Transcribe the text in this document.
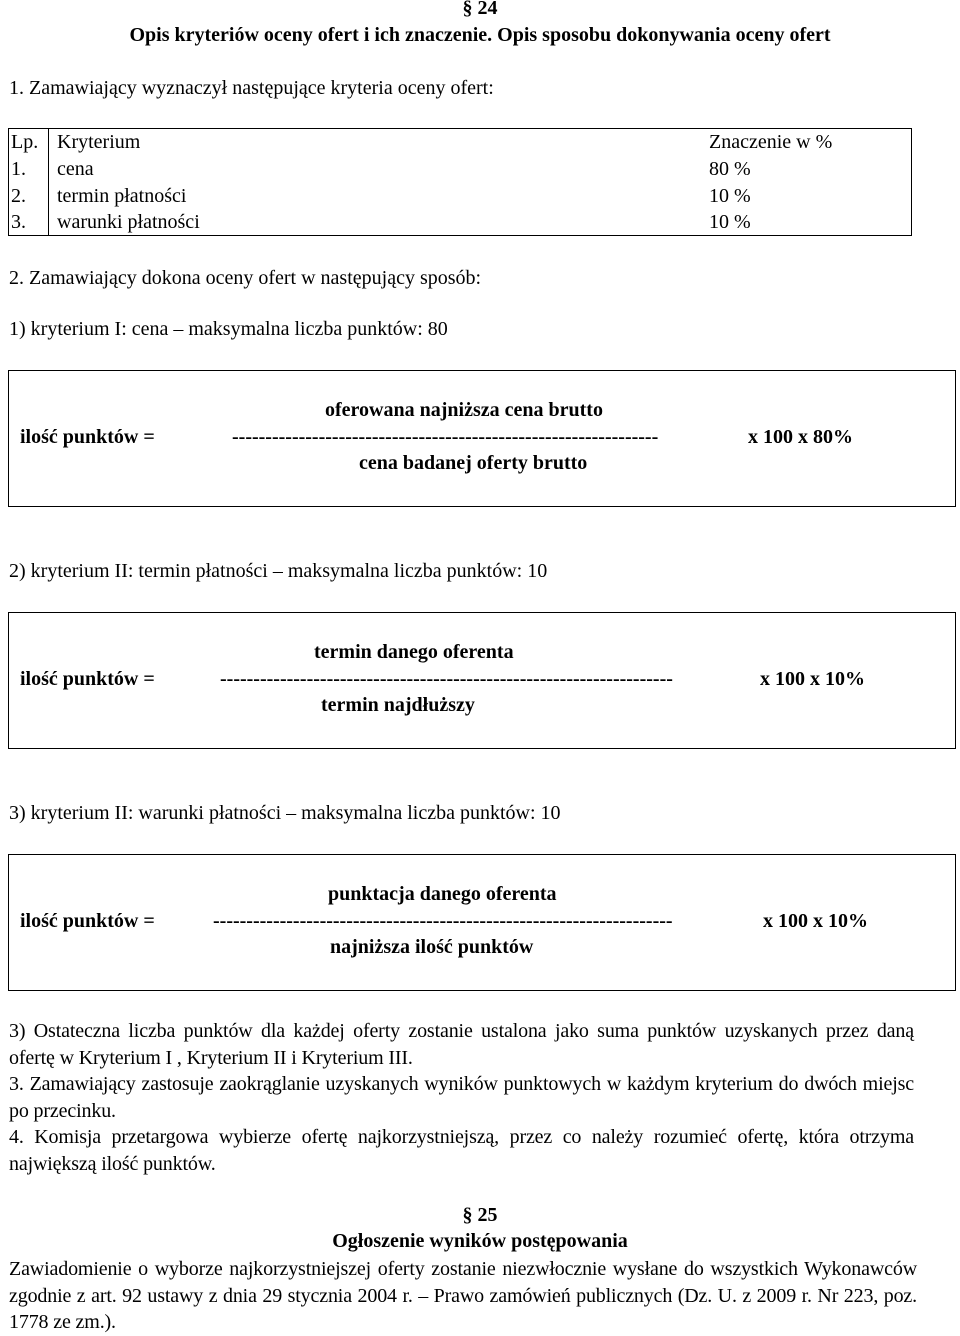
§ 24
Opis kryteriów oceny ofert i ich znaczenie. Opis sposobu dokonywania oceny ofert
1. Zamawiający wyznaczył następujące kryteria oceny ofert:
Lp. Kryterium	Znaczenie w %
1. cena	80 %
2. termin płatności	10 %
3. warunki płatności	10 %
2. Zamawiający dokona oceny ofert w następujący sposób:
1) kryterium I: cena – maksymalna liczba punktów: 80
oferowana najniższa cena brutto
ilość punktów =	----------------------------------------------------------------	x 100 x 80%
cena badanej oferty brutto
2) kryterium II: termin płatności – maksymalna liczba punktów: 10
termin danego oferenta
ilość punktów =	--------------------------------------------------------------------	x 100 x 10%
termin najdłuższy
3) kryterium II: warunki płatności – maksymalna liczba punktów: 10
punktacja danego oferenta
ilość punktów =	---------------------------------------------------------------------	x 100 x 10%
najniższa ilość punktów
3) Ostateczna liczba punktów dla każdej oferty zostanie ustalona jako suma punktów uzyskanych przez daną ofertę w Kryterium I , Kryterium II i Kryterium III.
3. Zamawiający zastosuje zaokrąglanie uzyskanych wyników punktowych w każdym kryterium do dwóch miejsc po przecinku.
4. Komisja przetargowa wybierze ofertę najkorzystniejszą, przez co należy rozumieć ofertę, która otrzyma największą ilość punktów.
§ 25
Ogłoszenie wyników postępowania
Zawiadomienie o wyborze najkorzystniejszej oferty zostanie niezwłocznie wysłane do wszystkich Wykonawców zgodnie z art. 92 ustawy z dnia 29 stycznia 2004 r. – Prawo zamówień publicznych (Dz. U. z 2009 r. Nr 223, poz. 1778 ze zm.).
